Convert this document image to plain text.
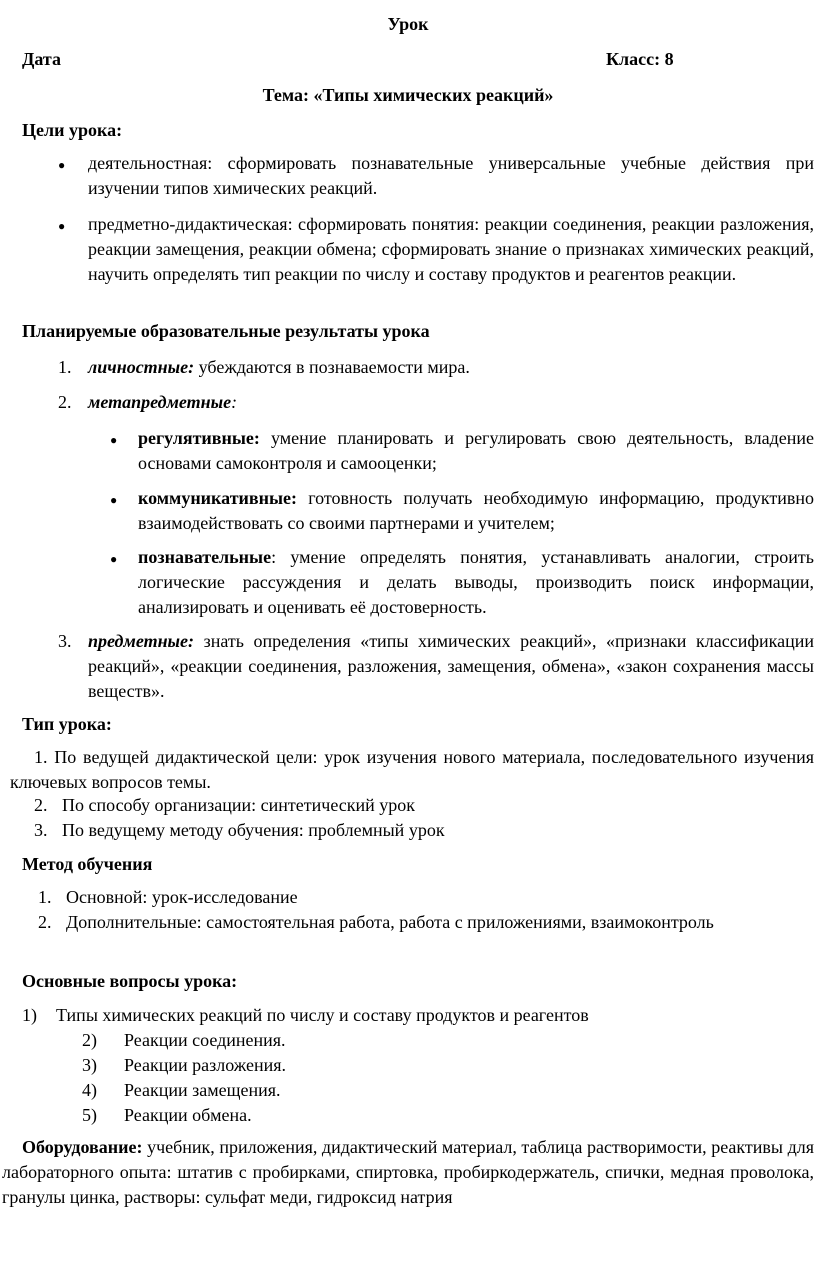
Урок
Дата	Класс: 8
Тема: «Типы химических реакций»
Цели урока:
● деятельностная: сформировать познавательные универсальные учебные действия при изучении типов химических реакций.
● предметно-дидактическая: сформировать понятия: реакции соединения, реакции разложения, реакции замещения, реакции обмена; сформировать знание о признаках химических реакций, научить определять тип реакции по числу и составу продуктов и реагентов реакции.
Планируемые образовательные результаты урока
1. личностные: убеждаются в познаваемости мира.
2. метапредметные:
● регулятивные: умение планировать и регулировать свою деятельность, владение основами самоконтроля и самооценки;
● коммуникативные: готовность получать необходимую информацию, продуктивно взаимодействовать со своими партнерами и учителем;
● познавательные: умение определять понятия, устанавливать аналогии, строить логические рассуждения и делать выводы, производить поиск информации, анализировать и оценивать её достоверность.
3. предметные: знать определения «типы химических реакций», «признаки классификации реакций», «реакции соединения, разложения, замещения, обмена», «закон сохранения массы веществ».
Тип урока:
1. По ведущей дидактической цели: урок изучения нового материала, последовательного изучения ключевых вопросов темы.
2. По способу организации: синтетический урок
3. По ведущему методу обучения: проблемный урок
Метод обучения
1. Основной: урок-исследование
2. Дополнительные: самостоятельная работа, работа с приложениями, взаимоконтроль
Основные вопросы урока:
1) Типы химических реакций по числу и составу продуктов и реагентов
2) Реакции соединения.
3) Реакции разложения.
4) Реакции замещения.
5) Реакции обмена.
Оборудование: учебник, приложения, дидактический материал, таблица растворимости, реактивы для лабораторного опыта: штатив с пробирками, спиртовка, пробиркодержатель, спички, медная проволока, гранулы цинка, растворы: сульфат меди, гидроксид натрия
